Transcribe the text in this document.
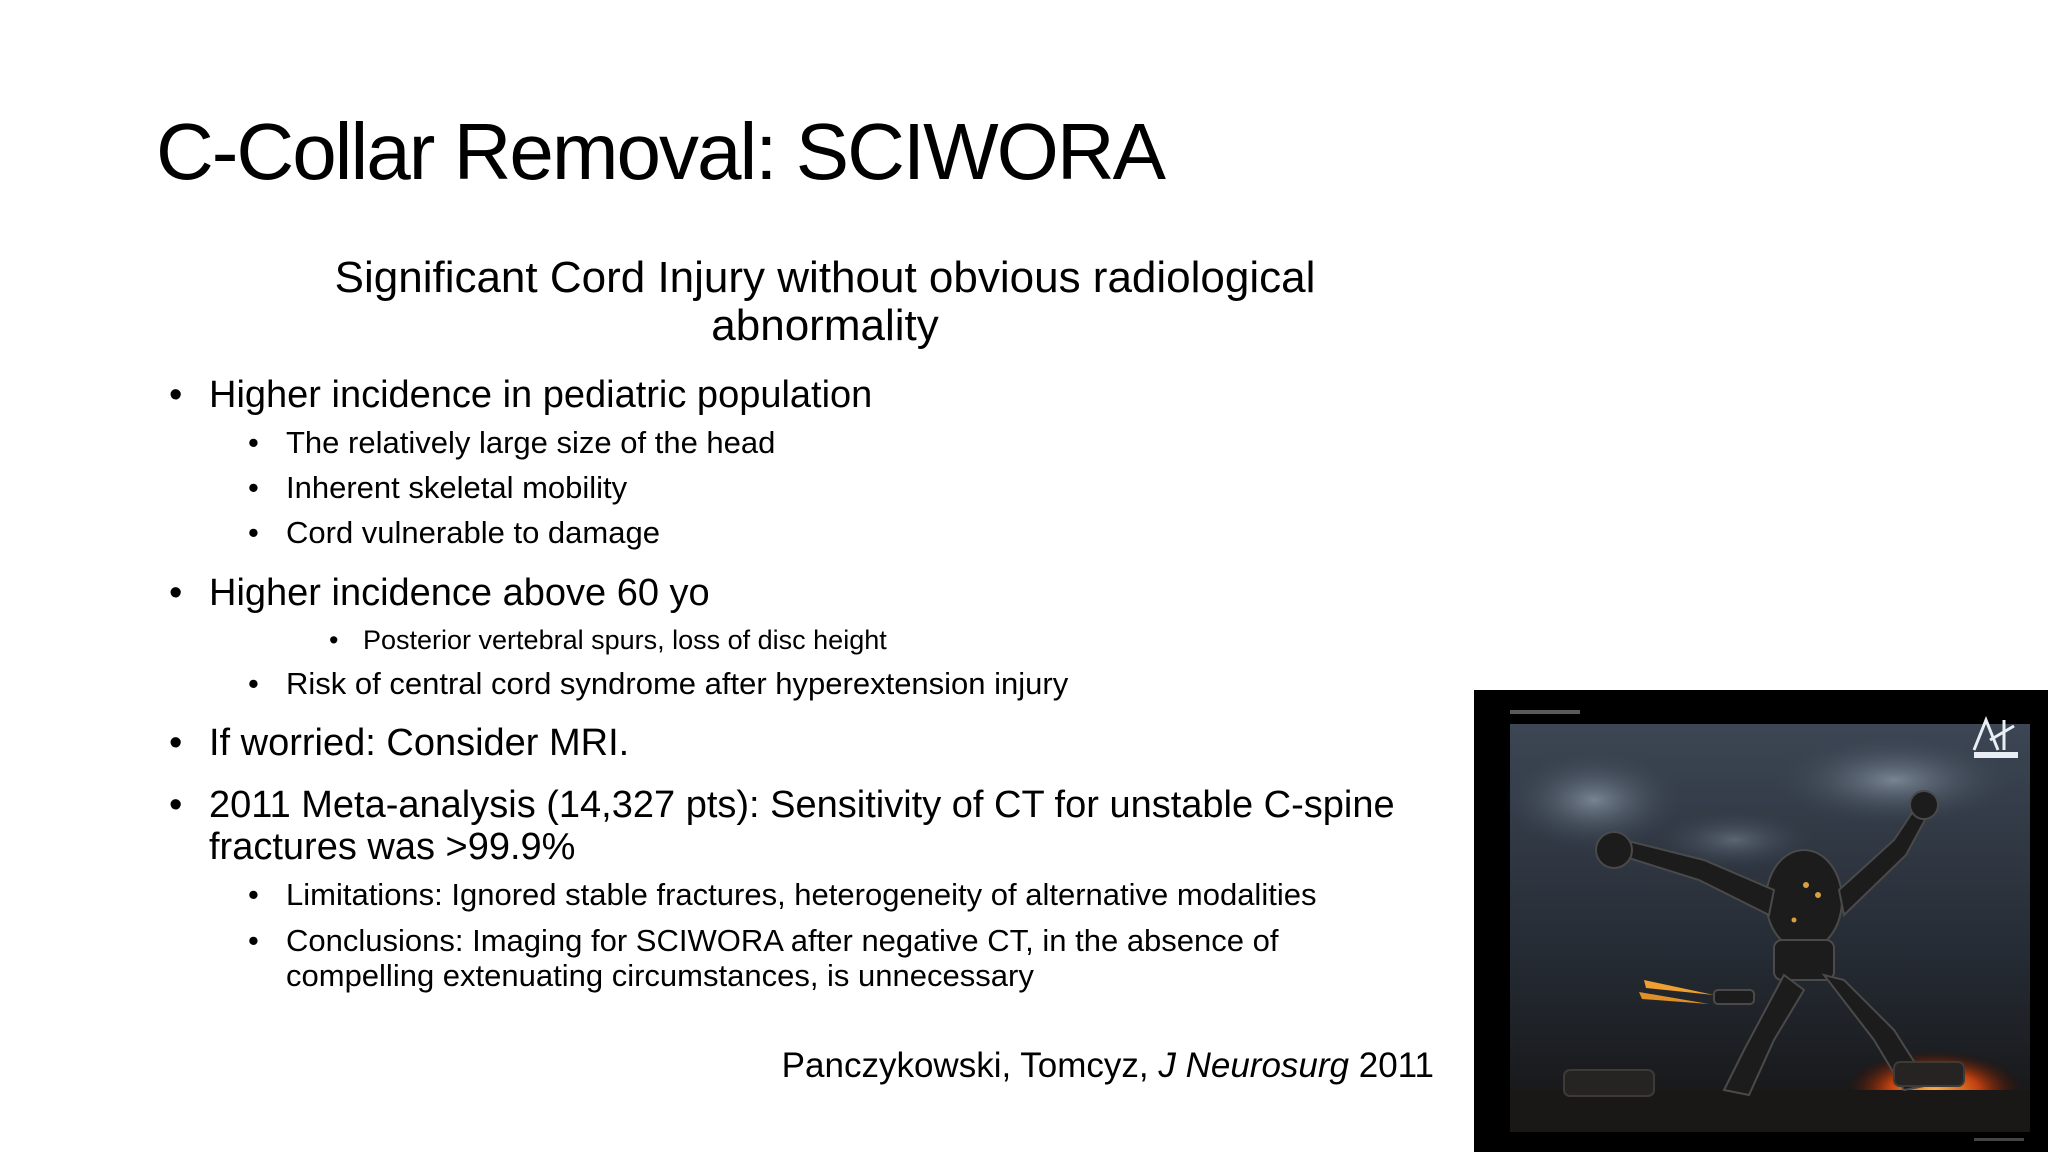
C-Collar Removal: SCIWORA
Significant Cord Injury without obvious radiological
abnormality
• Higher incidence in pediatric population
• The relatively large size of the head
• Inherent skeletal mobility
• Cord vulnerable to damage
• Higher incidence above 60 yo
• Posterior vertebral spurs, loss of disc height
• Risk of central cord syndrome after hyperextension injury
• If worried: Consider MRI.
• 2011 Meta-analysis (14,327 pts): Sensitivity of CT for unstable C-spine
fractures was >99.9%
• Limitations: Ignored stable fractures, heterogeneity of alternative modalities
• Conclusions: Imaging for SCIWORA after negative CT, in the absence of
compelling extenuating circumstances, is unnecessary
Panczykowski, Tomcyz, J Neurosurg 2011
